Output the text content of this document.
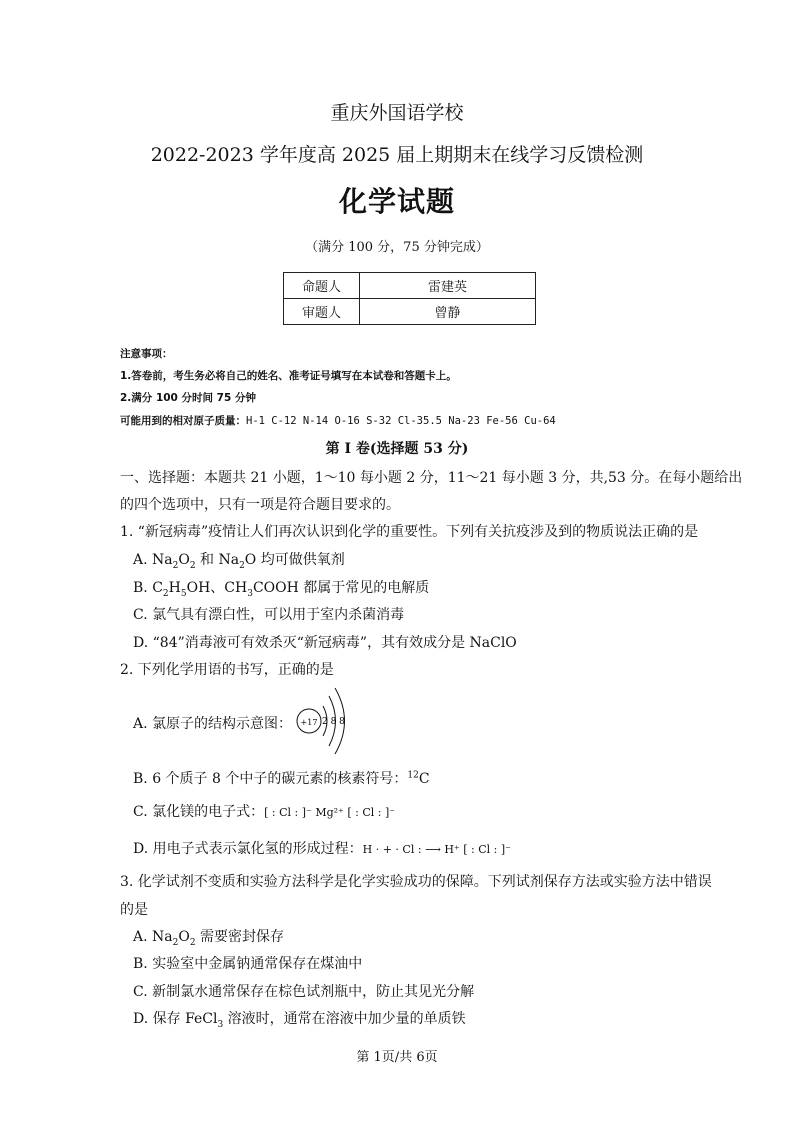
重庆外国语学校
2022-2023 学年度高 2025 届上期期末在线学习反馈检测
化学试题
（满分 100 分，75 分钟完成）
命题人	雷建英
审题人	曾静
注意事项：
1.答卷前，考生务必将自己的姓名、准考证号填写在本试卷和答题卡上。
2.满分 100 分时间 75 分钟
可能用到的相对原子质量：H-1 C-12 N-14 O-16 S-32 Cl-35.5 Na-23 Fe-56 Cu-64
第 I 卷(选择题 53 分)
一、选择题：本题共 21 小题，1～10 每小题 2 分，11～21 每小题 3 分，共,53 分。在每小题给出
的四个选项中，只有一项是符合题目要求的。
1. “新冠病毒”疫情让人们再次认识到化学的重要性。下列有关抗疫涉及到的物质说法正确的是
A. $Na_2O_2$ 和 $Na_2O$ 均可做供氧剂
B. $C_2H_5OH$、$CH_3COOH$ 都属于常见的电解质
C. 氯气具有漂白性，可以用于室内杀菌消毒
D. “84”消毒液可有效杀灭“新冠病毒”，其有效成分是 NaClO
2. 下列化学用语的书写，正确的是
A. 氯原子的结构示意图： +17 2 8 8
B. 6 个质子 8 个中子的碳元素的核素符号：$^{12}$C
C. 氯化镁的电子式：[ : Cl : ]⁻ Mg²⁺ [ : Cl : ]⁻
D. 用电子式表示氯化氢的形成过程：H · + · Cl : ⟶ H⁺ [ : Cl : ]⁻
3. 化学试剂不变质和实验方法科学是化学实验成功的保障。下列试剂保存方法或实验方法中错误
的是
A. $Na_2O_2$ 需要密封保存
B. 实验室中金属钠通常保存在煤油中
C. 新制氯水通常保存在棕色试剂瓶中，防止其见光分解
D. 保存 FeCl$_3$ 溶液时，通常在溶液中加少量的单质铁
第 1页/共 6页
